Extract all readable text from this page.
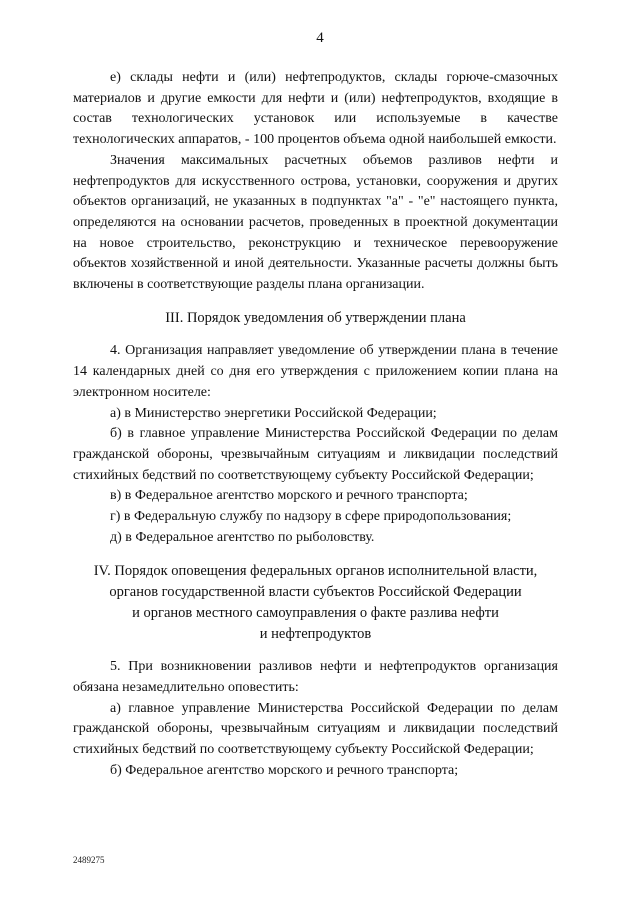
4

е) склады нефти и (или) нефтепродуктов, склады горюче-смазочных материалов и другие емкости для нефти и (или) нефтепродуктов, входящие в состав технологических установок или используемые в качестве технологических аппаратов, - 100 процентов объема одной наибольшей емкости.

Значения максимальных расчетных объемов разливов нефти и нефтепродуктов для искусственного острова, установки, сооружения и других объектов организаций, не указанных в подпунктах "а" - "е" настоящего пункта, определяются на основании расчетов, проведенных в проектной документации на новое строительство, реконструкцию и техническое перевооружение объектов хозяйственной и иной деятельности. Указанные расчеты должны быть включены в соответствующие разделы плана организации.

III. Порядок уведомления об утверждении плана

4. Организация направляет уведомление об утверждении плана в течение 14 календарных дней со дня его утверждения с приложением копии плана на электронном носителе:

а) в Министерство энергетики Российской Федерации;

б) в главное управление Министерства Российской Федерации по делам гражданской обороны, чрезвычайным ситуациям и ликвидации последствий стихийных бедствий по соответствующему субъекту Российской Федерации;

в) в Федеральное агентство морского и речного транспорта;

г) в Федеральную службу по надзору в сфере природопользования;

д) в Федеральное агентство по рыболовству.

IV. Порядок оповещения федеральных органов исполнительной власти,
органов государственной власти субъектов Российской Федерации
и органов местного самоуправления о факте разлива нефти
и нефтепродуктов

5. При возникновении разливов нефти и нефтепродуктов организация обязана незамедлительно оповестить:

а) главное управление Министерства Российской Федерации по делам гражданской обороны, чрезвычайным ситуациям и ликвидации последствий стихийных бедствий по соответствующему субъекту Российской Федерации;

б) Федеральное агентство морского и речного транспорта;

2489275
